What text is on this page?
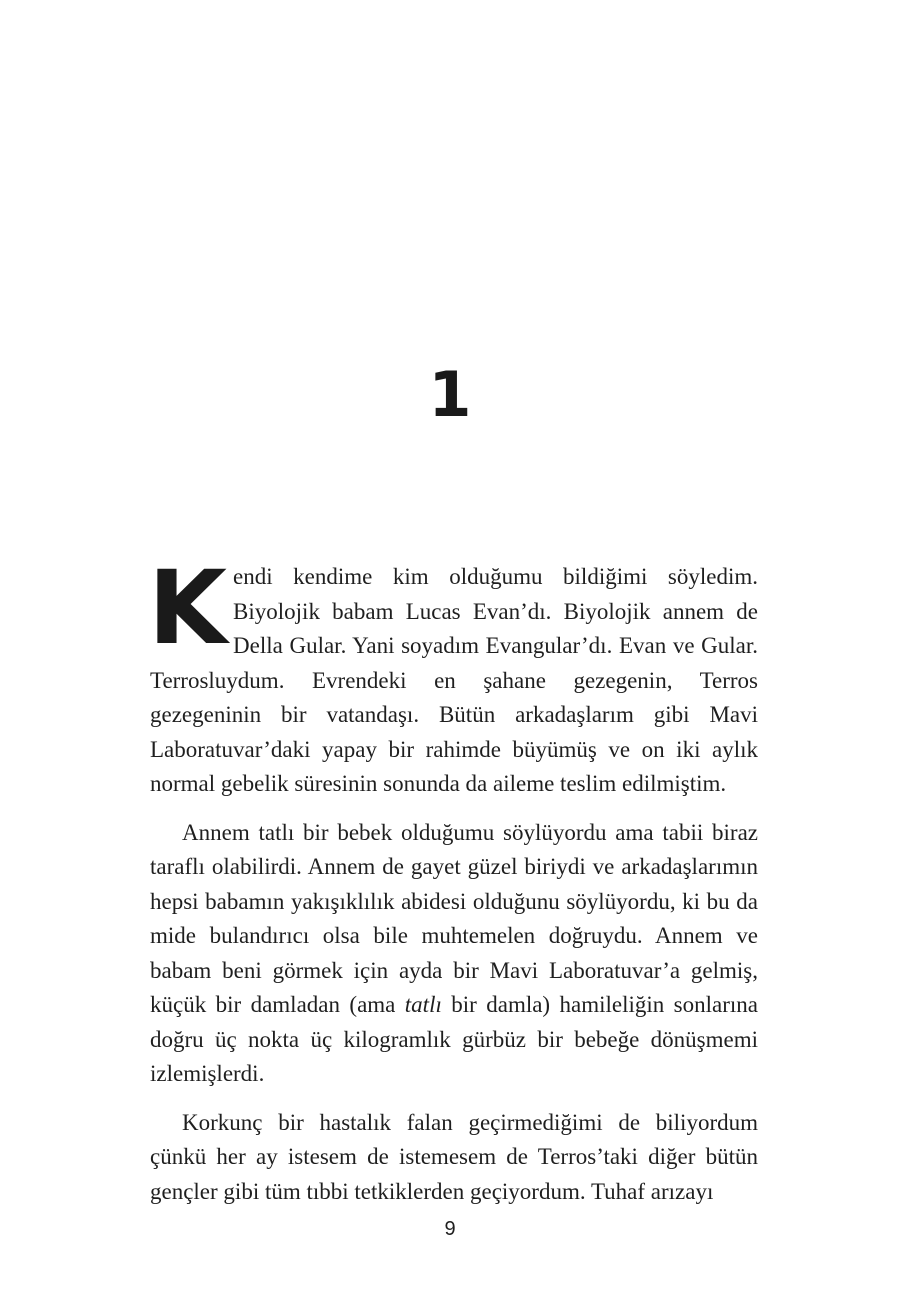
1

Kendi kendime kim olduğumu bildiğimi söyledim. Biyolojik babam Lucas Evan’dı. Biyolojik annem de Della Gular. Yani soyadım Evangular’dı. Evan ve Gular. Terrosluydum. Evrendeki en şahane gezegenin, Terros gezegeninin bir vatandaşı. Bütün arkadaşlarım gibi Mavi Laboratuvar’daki yapay bir rahimde büyümüş ve on iki aylık normal gebelik süresinin sonunda da aileme teslim edilmiştim.

Annem tatlı bir bebek olduğumu söylüyordu ama tabii biraz taraflı olabilirdi. Annem de gayet güzel biriydi ve arkadaşlarımın hepsi babamın yakışıklılık abidesi olduğunu söylüyordu, ki bu da mide bulandırıcı olsa bile muhtemelen doğruydu. Annem ve babam beni görmek için ayda bir Mavi Laboratuvar’a gelmiş, küçük bir damladan (ama tatlı bir damla) hamileliğin sonlarına doğru üç nokta üç kilogramlık gürbüz bir bebeğe dönüşmemi izlemişlerdi.

Korkunç bir hastalık falan geçirmediğimi de biliyordum çünkü her ay istesem de istemesem de Terros’taki diğer bütün gençler gibi tüm tıbbi tetkiklerden geçiyordum. Tuhaf arızayı

9
